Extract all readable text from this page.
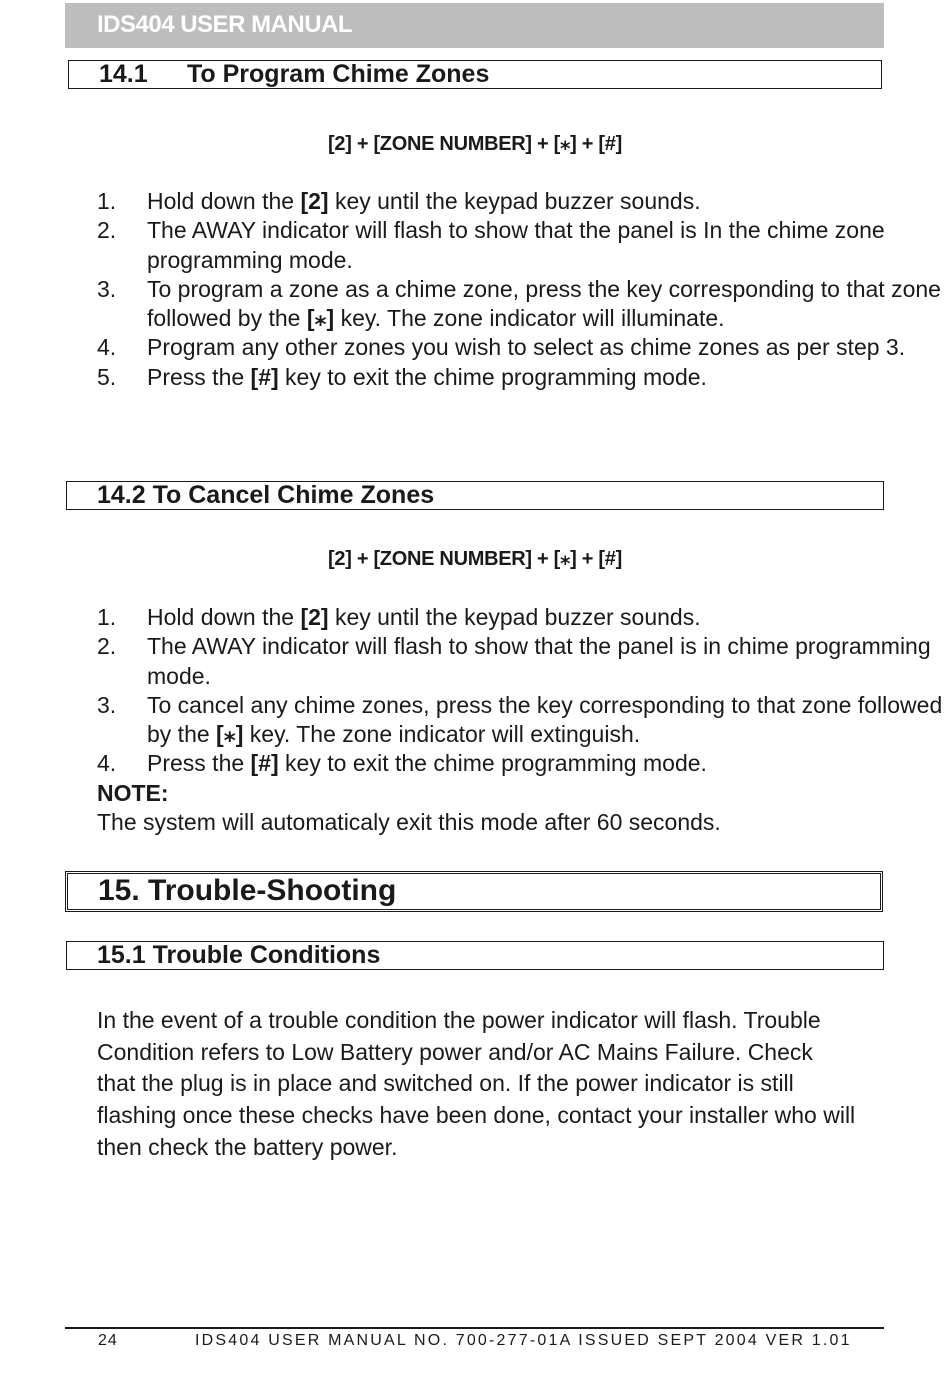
IDS404 USER MANUAL
14.1 To Program Chime Zones
[2] + [ZONE NUMBER] + [⁎] + [#]
1. Hold down the [2] key until the keypad buzzer sounds.
2. The AWAY indicator will flash to show that the panel is In the chime zone programming mode.
3. To program a zone as a chime zone, press the key corresponding to that zone followed by the [⁎] key. The zone indicator will illuminate.
4. Program any other zones you wish to select as chime zones as per step 3.
5. Press the [#] key to exit the chime programming mode.
14.2 To Cancel Chime Zones
[2] + [ZONE NUMBER] + [⁎] + [#]
1. Hold down the [2] key until the keypad buzzer sounds.
2. The AWAY indicator will flash to show that the panel is in chime programming mode.
3. To cancel any chime zones, press the key corresponding to that zone followed by the [⁎] key. The zone indicator will extinguish.
4. Press the [#] key to exit the chime programming mode.
NOTE:
The system will automaticaly exit this mode after 60 seconds.
15. Trouble-Shooting
15.1 Trouble Conditions
In the event of a trouble condition the power indicator will flash. Trouble Condition refers to Low Battery power and/or AC Mains Failure. Check that the plug is in place and switched on. If the power indicator is still flashing once these checks have been done, contact your installer who will then check the battery power.
24	IDS404 USER MANUAL NO. 700-277-01A ISSUED SEPT 2004 VER 1.01
